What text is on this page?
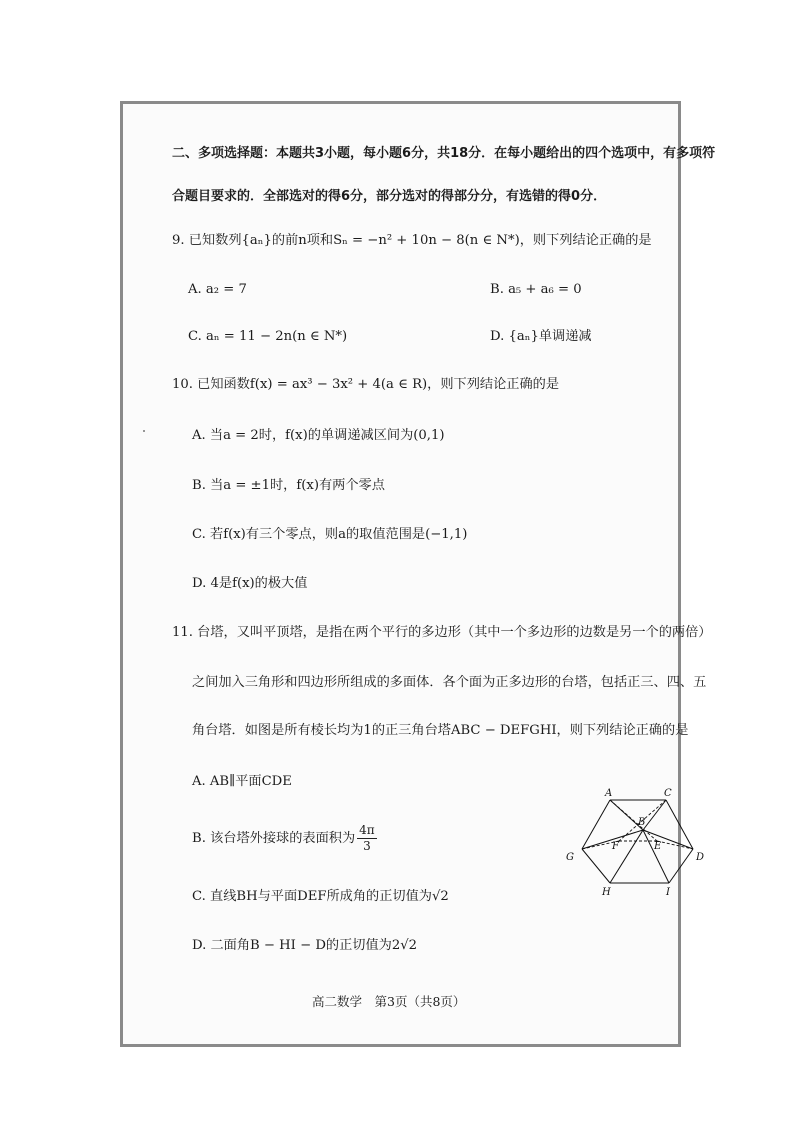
二、多项选择题：本题共3小题，每小题6分，共18分．在每小题给出的四个选项中，有多项符
合题目要求的．全部选对的得6分，部分选对的得部分分，有选错的得0分．
9. 已知数列{aₙ}的前n项和Sₙ = −n² + 10n − 8(n ∈ N*)，则下列结论正确的是
A. a₂ = 7	B. a₅ + a₆ = 0
C. aₙ = 11 − 2n(n ∈ N*)	D. {aₙ}单调递减
10. 已知函数f(x) = ax³ − 3x² + 4(a ∈ R)，则下列结论正确的是
A. 当a = 2时，f(x)的单调递减区间为(0,1)
B. 当a = ±1时，f(x)有两个零点
C. 若f(x)有三个零点，则a的取值范围是(−1,1)
D. 4是f(x)的极大值
11. 台塔，又叫平顶塔，是指在两个平行的多边形（其中一个多边形的边数是另一个的两倍）
之间加入三角形和四边形所组成的多面体．各个面为正多边形的台塔，包括正三、四、五
角台塔．如图是所有棱长均为1的正三角台塔ABC − DEFGHI，则下列结论正确的是
A. AB∥平面CDE
B. 该台塔外接球的表面积为 $\frac{4\pi}{3}$
C. 直线BH与平面DEF所成角的正切值为√2
D. 二面角B − HI − D的正切值为2√2
A	C
B
F	E
G	D
H	I
高二数学　第3页（共8页）
